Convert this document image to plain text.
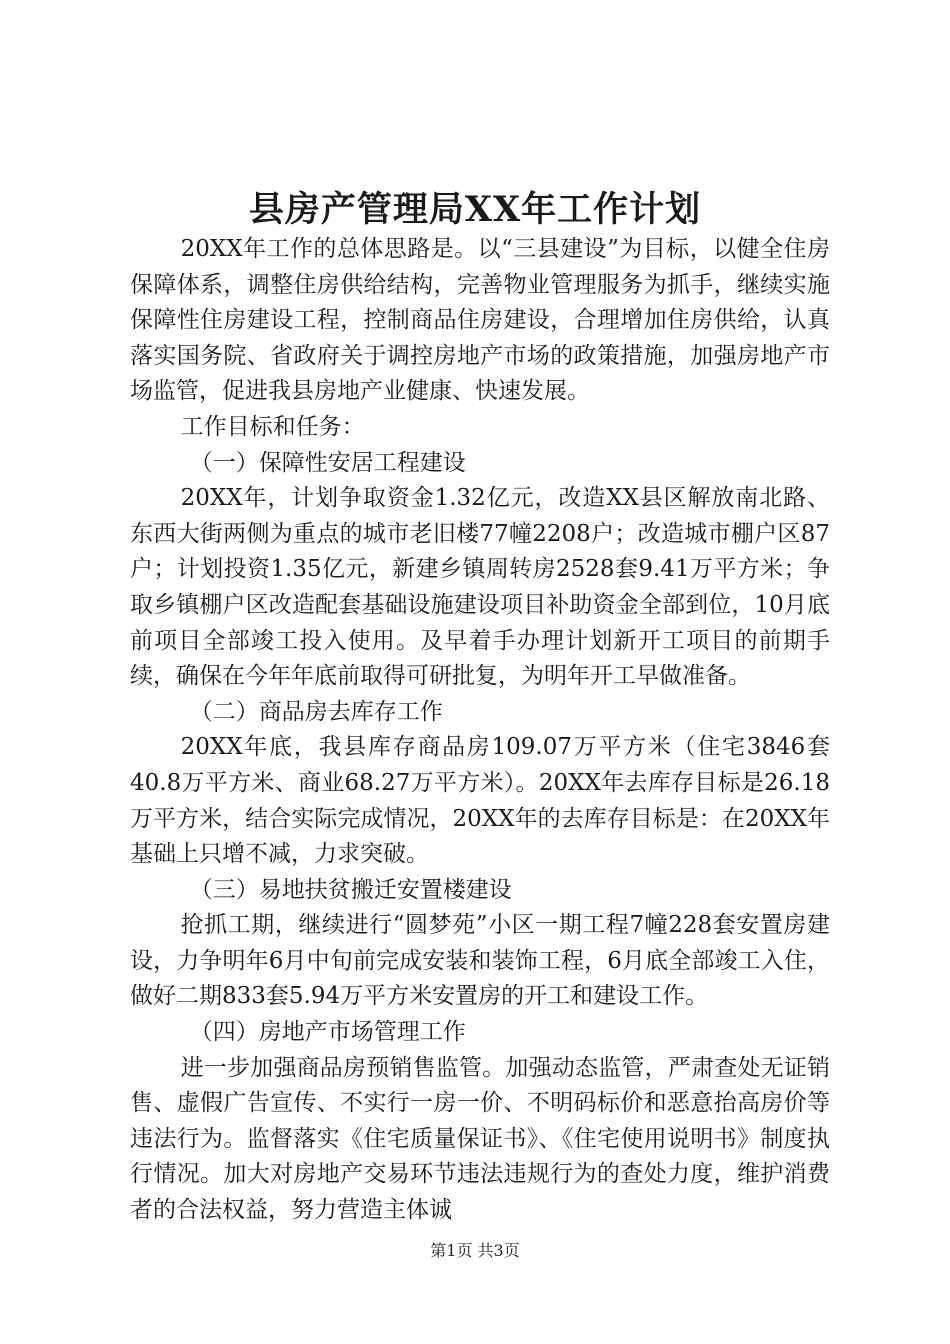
县房产管理局XX年工作计划

20XX年工作的总体思路是。以“三县建设”为目标，以健全住房保障体系，调整住房供给结构，完善物业管理服务为抓手，继续实施保障性住房建设工程，控制商品住房建设，合理增加住房供给，认真落实国务院、省政府关于调控房地产市场的政策措施，加强房地产市场监管，促进我县房地产业健康、快速发展。

工作目标和任务：

（一）保障性安居工程建设

20XX年，计划争取资金1.32亿元，改造XX县区解放南北路、东西大街两侧为重点的城市老旧楼77幢2208户；改造城市棚户区87户；计划投资1.35亿元，新建乡镇周转房2528套9.41万平方米；争取乡镇棚户区改造配套基础设施建设项目补助资金全部到位，10月底前项目全部竣工投入使用。及早着手办理计划新开工项目的前期手续，确保在今年年底前取得可研批复，为明年开工早做准备。

（二）商品房去库存工作

20XX年底，我县库存商品房109.07万平方米（住宅3846套40.8万平方米、商业68.27万平方米）。20XX年去库存目标是26.18万平方米，结合实际完成情况，20XX年的去库存目标是：在20XX年基础上只增不减，力求突破。

（三）易地扶贫搬迁安置楼建设

抢抓工期，继续进行“圆梦苑”小区一期工程7幢228套安置房建设，力争明年6月中旬前完成安装和装饰工程，6月底全部竣工入住，做好二期833套5.94万平方米安置房的开工和建设工作。

（四）房地产市场管理工作

进一步加强商品房预销售监管。加强动态监管，严肃查处无证销售、虚假广告宣传、不实行一房一价、不明码标价和恶意抬高房价等违法行为。监督落实《住宅质量保证书》、《住宅使用说明书》制度执行情况。加大对房地产交易环节违法违规行为的查处力度，维护消费者的合法权益，努力营造主体诚

第1页 共3页
